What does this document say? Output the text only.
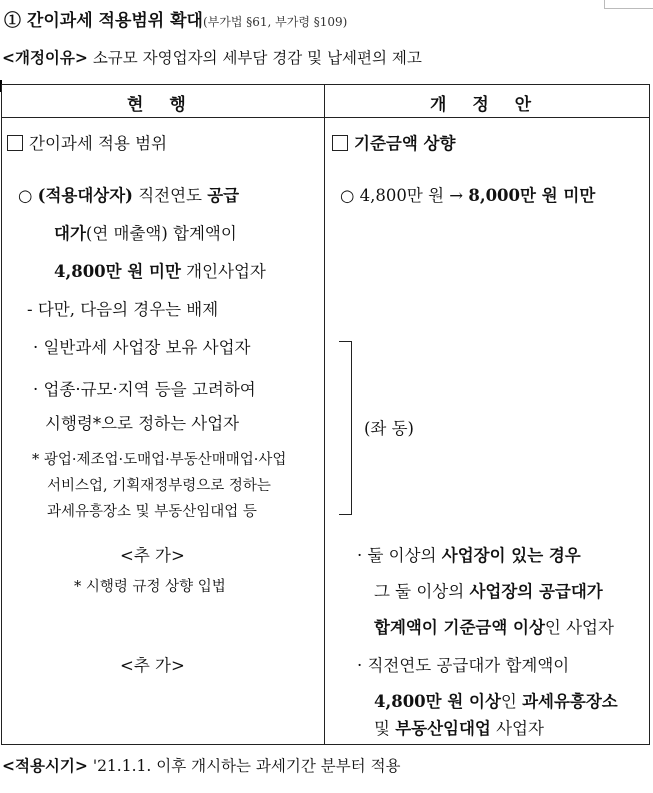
① 간이과세 적용범위 확대(부가법 §61, 부가령 §109)
<개정이유> 소규모 자영업자의 세부담 경감 및 납세편의 제고
현 행	개 정 안
간이과세 적용 범위
○ (적용대상자) 직전연도 공급
대가(연 매출액) 합계액이
4,800만 원 미만 개인사업자
- 다만, 다음의 경우는 배제
· 일반과세 사업장 보유 사업자
· 업종·규모·지역 등을 고려하여
시행령*으로 정하는 사업자
* 광업·제조업·도매업·부동산매매업·사업
서비스업, 기획재정부령으로 정하는
과세유흥장소 및 부동산임대업 등
<추 가>
* 시행령 규정 상향 입법
<추 가>
기준금액 상향
○ 4,800만 원 → 8,000만 원 미만
(좌 동)
· 둘 이상의 사업장이 있는 경우
그 둘 이상의 사업장의 공급대가
합계액이 기준금액 이상인 사업자
· 직전연도 공급대가 합계액이
4,800만 원 이상인 과세유흥장소
및 부동산임대업 사업자
<적용시기> '21.1.1. 이후 개시하는 과세기간 분부터 적용
